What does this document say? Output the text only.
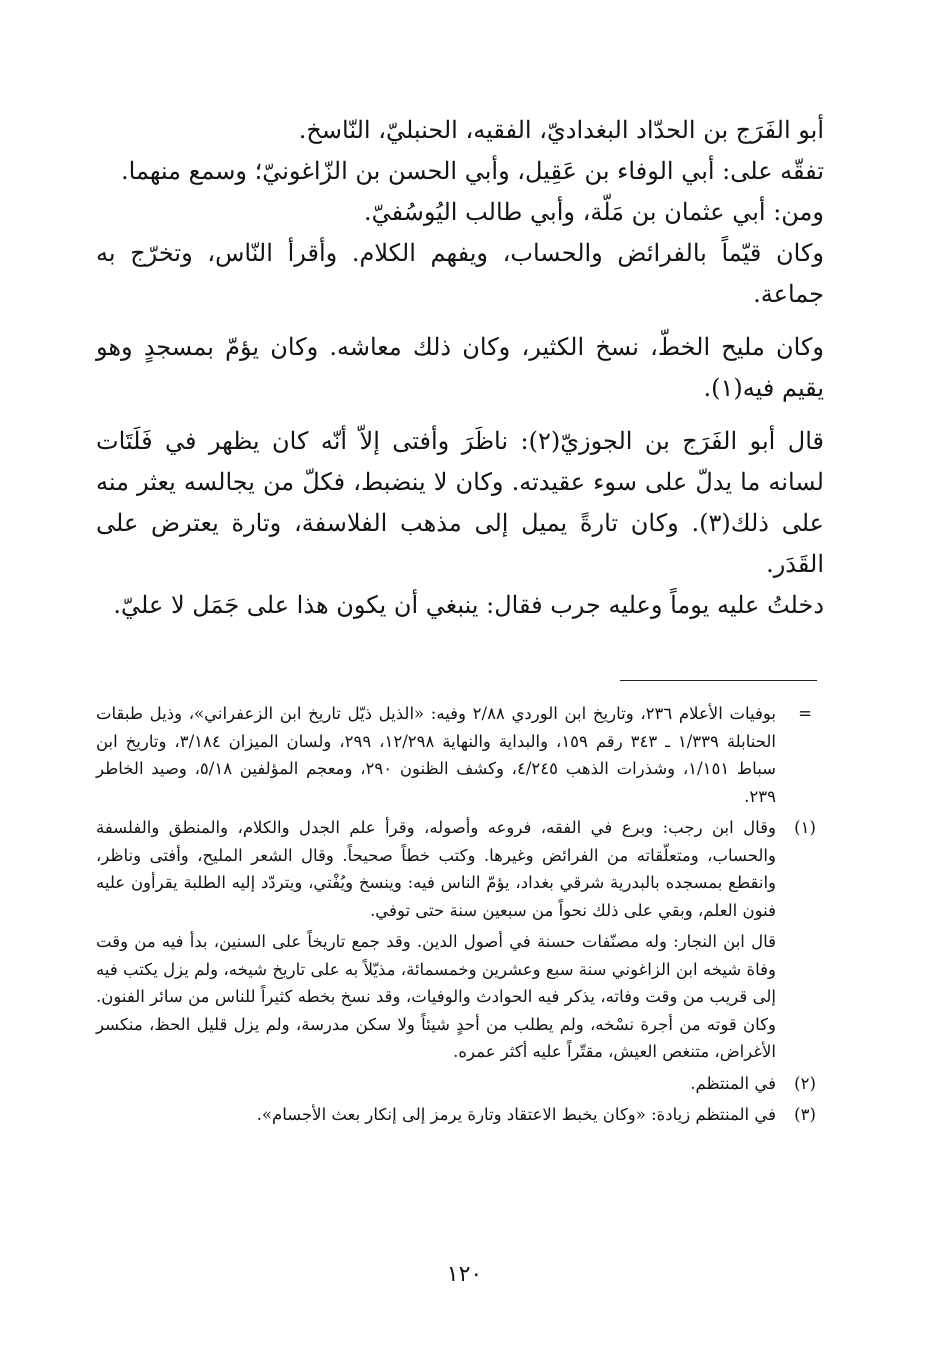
أبو الفَرَج بن الحدّاد البغداديّ، الفقيه، الحنبليّ، النّاسخ.

تفقّه على: أبي الوفاء بن عَقِيل، وأبي الحسن بن الزّاغونيّ؛ وسمع منهما.

ومن: أبي عثمان بن مَلّة، وأبي طالب اليُوسُفيّ.

وكان قيّماً بالفرائض والحساب، ويفهم الكلام. وأقرأ النّاس، وتخرّج به جماعة.

وكان مليح الخطّ، نسخ الكثير، وكان ذلك معاشه. وكان يؤمّ بمسجدٍ وهو يقيم فيه(١).

قال أبو الفَرَج بن الجوزيّ(٢): ناظَرَ وأفتى إلاّ أنّه كان يظهر في فَلَتَات لسانه ما يدلّ على سوء عقيدته. وكان لا ينضبط، فكلّ من يجالسه يعثر منه على ذلك(٣). وكان تارةً يميل إلى مذهب الفلاسفة، وتارة يعترض على القَدَر.

دخلتُ عليه يوماً وعليه جرب فقال: ينبغي أن يكون هذا على جَمَل لا عليّ.

=

بوفيات الأعلام ٢٣٦، وتاريخ ابن الوردي ٢/٨٨ وفيه: «الذيل ذيّل تاريخ ابن الزعفراني»، وذيل طبقات الحنابلة ١/٣٣٩ ـ ٣٤٣ رقم ١٥٩، والبداية والنهاية ١٢/٢٩٨، ٢٩٩، ولسان الميزان ٣/١٨٤، وتاريخ ابن سباط ١/١٥١، وشذرات الذهب ٤/٢٤٥، وكشف الظنون ٢٩٠، ومعجم المؤلفين ٥/١٨، وصيد الخاطر ٢٣٩.

(١)

وقال ابن رجب: وبرع في الفقه، فروعه وأصوله، وقرأ علم الجدل والكلام، والمنطق والفلسفة والحساب، ومتعلّقاته من الفرائض وغيرها. وكتب خطاً صحيحاً. وقال الشعر المليح، وأفتى وناظر، وانقطع بمسجده بالبدرية شرقي بغداد، يؤمّ الناس فيه: وينسخ ويُفْتي، ويتردّد إليه الطلبة يقرأون عليه فنون العلم، وبقي على ذلك نحواً من سبعين سنة حتى توفي.

قال ابن النجار: وله مصنّفات حسنة في أصول الدين. وقد جمع تاريخاً على السنين، بدأ فيه من وقت وفاة شيخه ابن الزاغوني سنة سبع وعشرين وخمسمائة، مذيّلاً به على تاريخ شيخه، ولم يزل يكتب فيه إلى قريب من وقت وفاته، يذكر فيه الحوادث والوفيات، وقد نسخ بخطه كثيراً للناس من سائر الفنون. وكان قوته من أجرة نسْخه، ولم يطلب من أحدٍ شيئاً ولا سكن مدرسة، ولم يزل قليل الحظ، منكسر الأغراض، متنغص العيش، مقتّراً عليه أكثر عمره.

(٢)

في المنتظم.

(٣)

في المنتظم زيادة: «وكان يخبط الاعتقاد وتارة يرمز إلى إنكار بعث الأجسام».

١٢٠
